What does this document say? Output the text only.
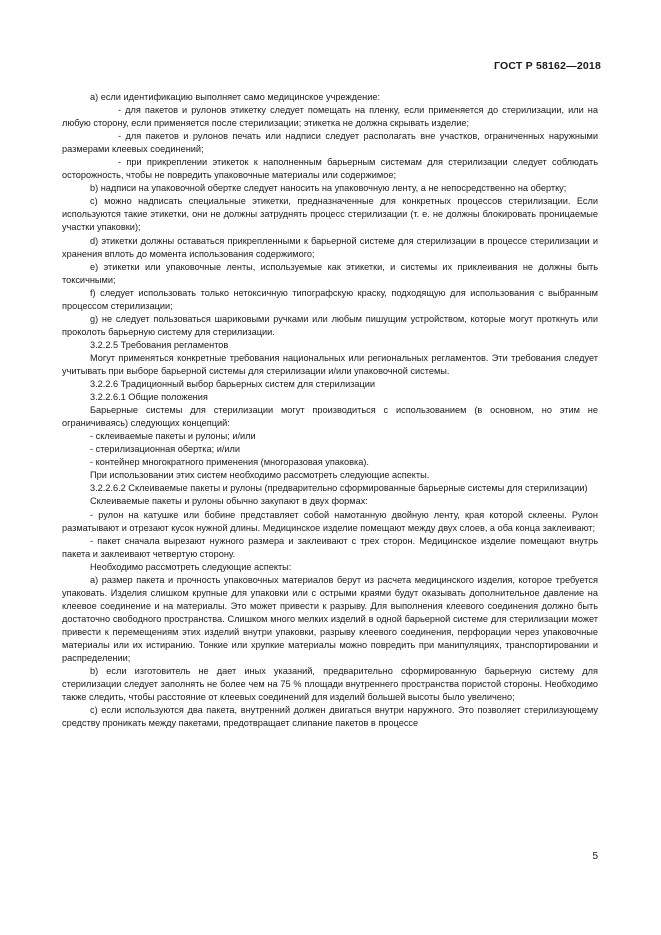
ГОСТ Р 58162—2018

a) если идентификацию выполняет само медицинское учреждение:

- для пакетов и рулонов этикетку следует помещать на пленку, если применяется до стерилизации, или на любую сторону, если применяется после стерилизации; этикетка не должна скрывать изделие;

- для пакетов и рулонов печать или надписи следует располагать вне участков, ограниченных наружными размерами клеевых соединений;

- при прикреплении этикеток к наполненным барьерным системам для стерилизации следует соблюдать осторожность, чтобы не повредить упаковочные материалы или содержимое;

b) надписи на упаковочной обертке следует наносить на упаковочную ленту, а не непосредственно на обертку;

c) можно надписать специальные этикетки, предназначенные для конкретных процессов стерилизации. Если используются такие этикетки, они не должны затруднять процесс стерилизации (т. е. не должны блокировать проницаемые участки упаковки);

d) этикетки должны оставаться прикрепленными к барьерной системе для стерилизации в процессе стерилизации и хранения вплоть до момента использования содержимого;

e) этикетки или упаковочные ленты, используемые как этикетки, и системы их приклеивания не должны быть токсичными;

f) следует использовать только нетоксичную типографскую краску, подходящую для использования с выбранным процессом стерилизации;

g) не следует пользоваться шариковыми ручками или любым пишущим устройством, которые могут проткнуть или проколоть барьерную систему для стерилизации.

3.2.2.5 Требования регламентов

Могут применяться конкретные требования национальных или региональных регламентов. Эти требования следует учитывать при выборе барьерной системы для стерилизации и/или упаковочной системы.

3.2.2.6 Традиционный выбор барьерных систем для стерилизации

3.2.2.6.1 Общие положения

Барьерные системы для стерилизации могут производиться с использованием (в основном, но этим не ограничиваясь) следующих концепций:

- склеиваемые пакеты и рулоны; и/или

- стерилизационная обертка; и/или

- контейнер многократного применения (многоразовая упаковка).

При использовании этих систем необходимо рассмотреть следующие аспекты.

3.2.2.6.2 Склеиваемые пакеты и рулоны (предварительно сформированные барьерные системы для стерилизации)

Склеиваемые пакеты и рулоны обычно закупают в двух формах:

- рулон на катушке или бобине представляет собой намотанную двойную ленту, края которой склеены. Рулон разматывают и отрезают кусок нужной длины. Медицинское изделие помещают между двух слоев, а оба конца заклеивают;

- пакет сначала вырезают нужного размера и заклеивают с трех сторон. Медицинское изделие помещают внутрь пакета и заклеивают четвертую сторону.

Необходимо рассмотреть следующие аспекты:

a) размер пакета и прочность упаковочных материалов берут из расчета медицинского изделия, которое требуется упаковать. Изделия слишком крупные для упаковки или с острыми краями будут оказывать дополнительное давление на клеевое соединение и на материалы. Это может привести к разрыву. Для выполнения клеевого соединения должно быть достаточно свободного пространства. Слишком много мелких изделий в одной барьерной системе для стерилизации может привести к перемещениям этих изделий внутри упаковки, разрыву клеевого соединения, перфорации через упаковочные материалы или их истиранию. Тонкие или хрупкие материалы можно повредить при манипуляциях, транспортировании и распределении;

b) если изготовитель не дает иных указаний, предварительно сформированную барьерную систему для стерилизации следует заполнять не более чем на 75 % площади внутреннего пространства пористой стороны. Необходимо также следить, чтобы расстояние от клеевых соединений для изделий большей высоты было увеличено;

c) если используются два пакета, внутренний должен двигаться внутри наружного. Это позволяет стерилизующему средству проникать между пакетами, предотвращает слипание пакетов в процессе

5
